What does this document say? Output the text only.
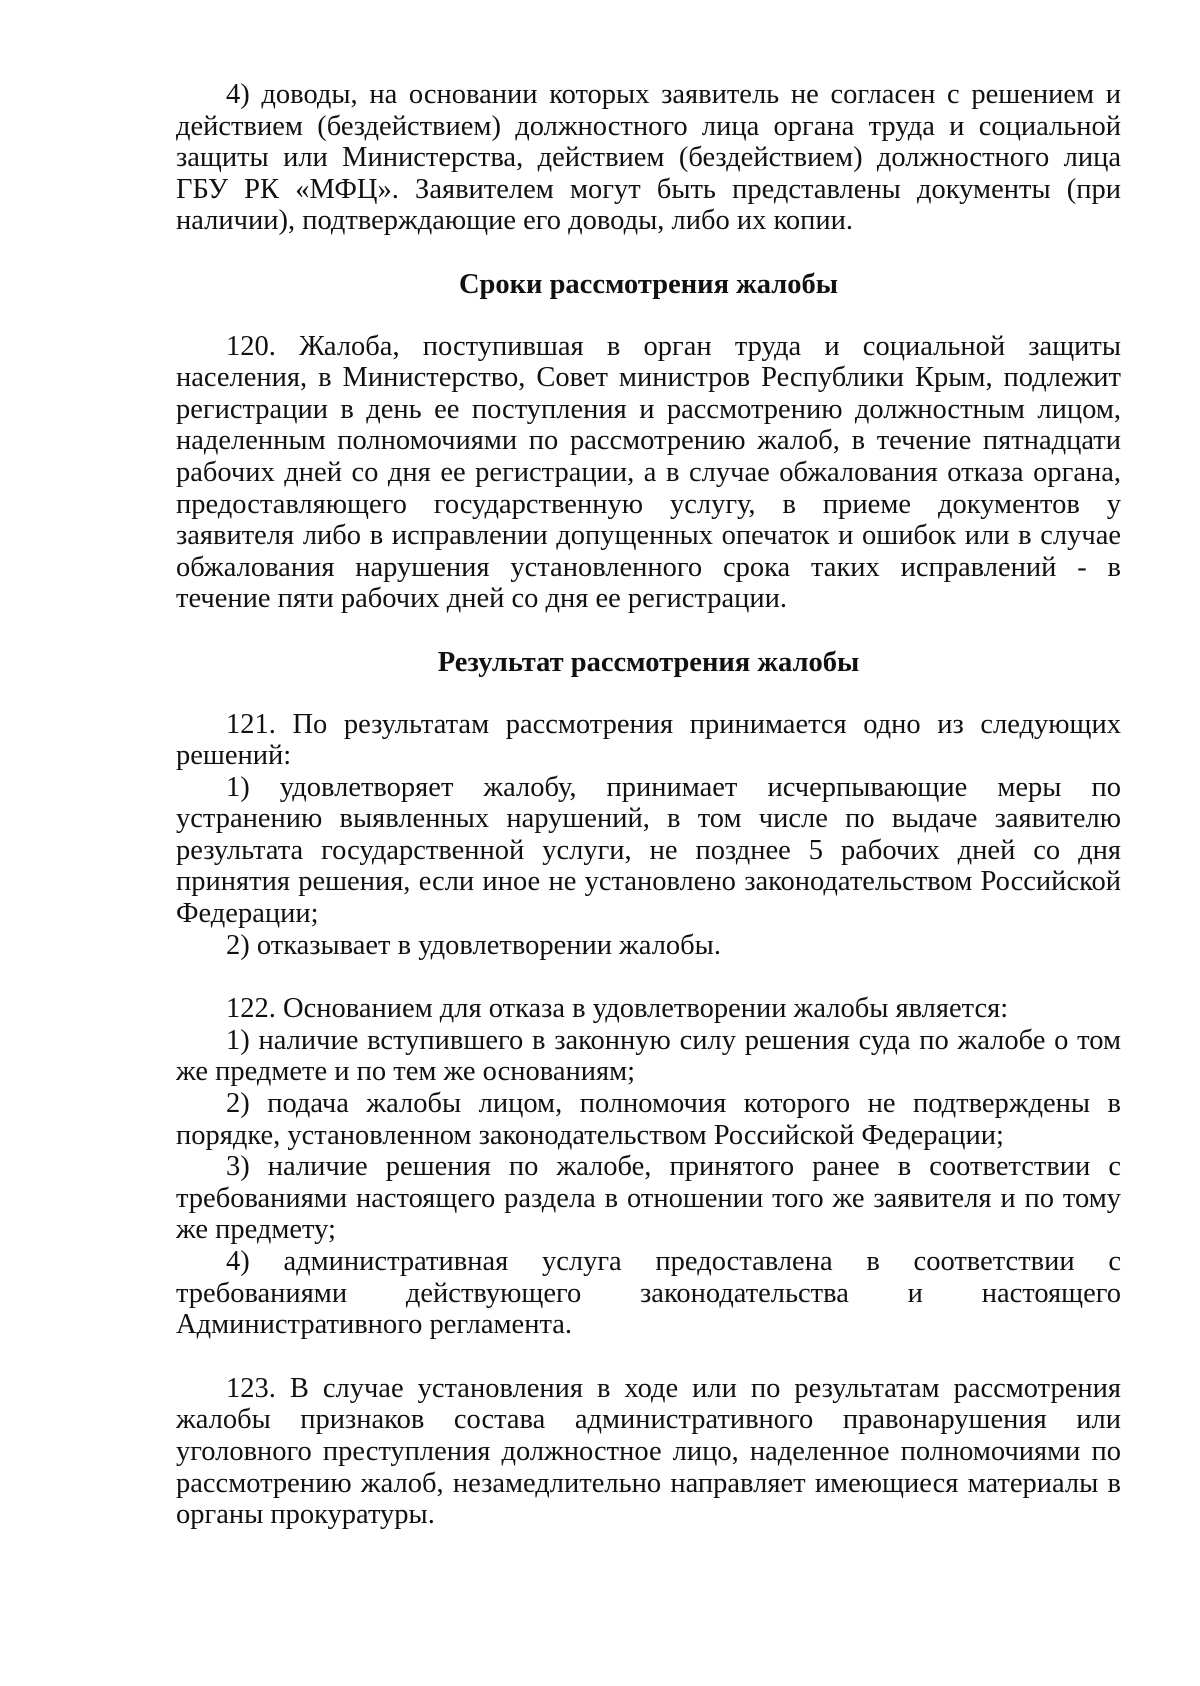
4) доводы, на основании которых заявитель не согласен с решением и действием (бездействием) должностного лица органа труда и социальной защиты или Министерства, действием (бездействием) должностного лица ГБУ РК «МФЦ». Заявителем могут быть представлены документы (при наличии), подтверждающие его доводы, либо их копии.

Сроки рассмотрения жалобы

120. Жалоба, поступившая в орган труда и социальной защиты населения, в Министерство, Совет министров Республики Крым, подлежит регистрации в день ее поступления и рассмотрению должностным лицом, наделенным полномочиями по рассмотрению жалоб, в течение пятнадцати рабочих дней со дня ее регистрации, а в случае обжалования отказа органа, предоставляющего государственную услугу, в приеме документов у заявителя либо в исправлении допущенных опечаток и ошибок или в случае обжалования нарушения установленного срока таких исправлений - в течение пяти рабочих дней со дня ее регистрации.

Результат рассмотрения жалобы

121. По результатам рассмотрения принимается одно из следующих решений:

1) удовлетворяет жалобу, принимает исчерпывающие меры по устранению выявленных нарушений, в том числе по выдаче заявителю результата государственной услуги, не позднее 5 рабочих дней со дня принятия решения, если иное не установлено законодательством Российской Федерации;

2) отказывает в удовлетворении жалобы.

122. Основанием для отказа в удовлетворении жалобы является:

1) наличие вступившего в законную силу решения суда по жалобе о том же предмете и по тем же основаниям;

2) подача жалобы лицом, полномочия которого не подтверждены в порядке, установленном законодательством Российской Федерации;

3) наличие решения по жалобе, принятого ранее в соответствии с требованиями настоящего раздела в отношении того же заявителя и по тому же предмету;

4) административная услуга предоставлена в соответствии с требованиями действующего законодательства и настоящего Административного регламента.

123. В случае установления в ходе или по результатам рассмотрения жалобы признаков состава административного правонарушения или уголовного преступления должностное лицо, наделенное полномочиями по рассмотрению жалоб, незамедлительно направляет имеющиеся материалы в органы прокуратуры.
